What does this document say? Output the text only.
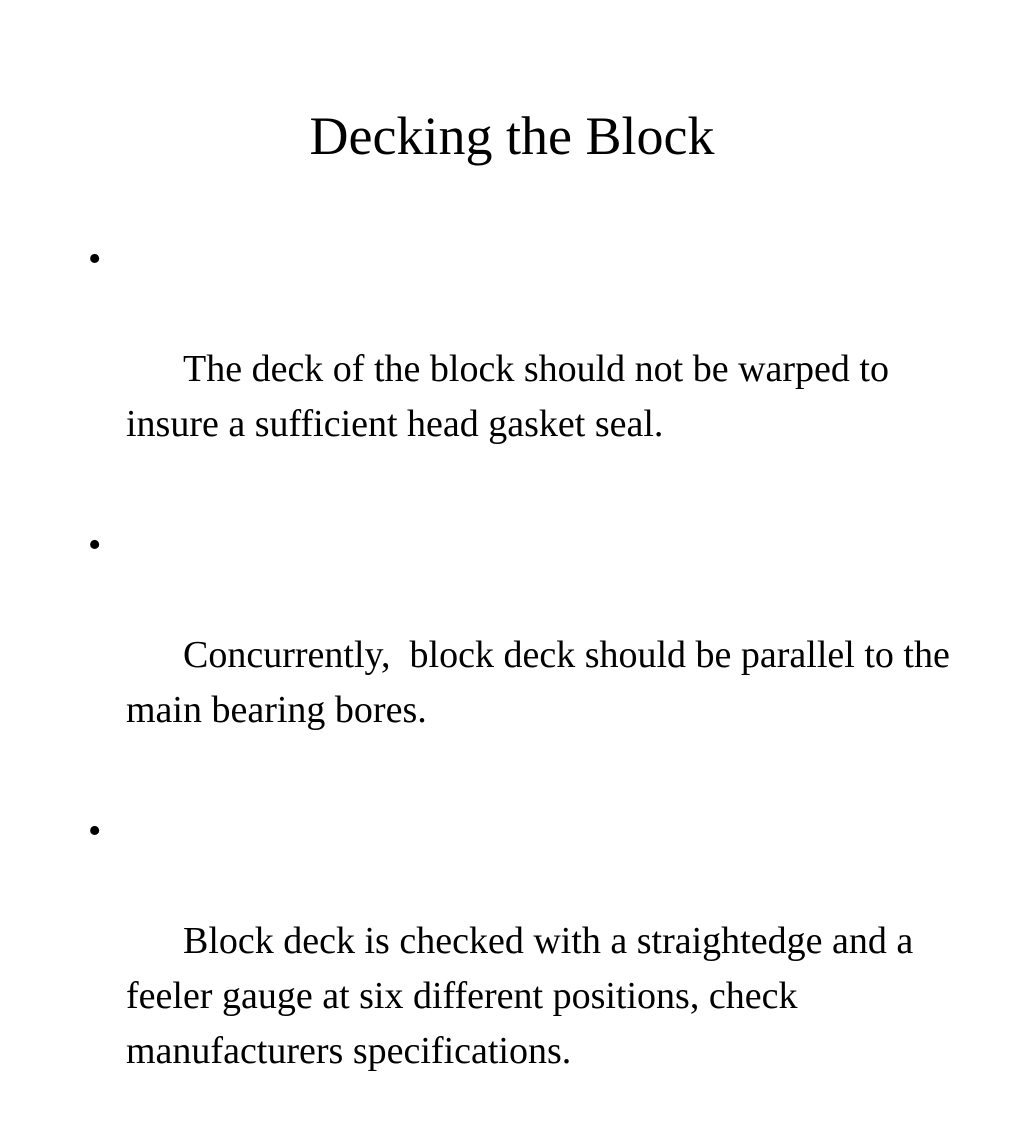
Decking the Block

•

The deck of the block should not be warped to insure a sufficient head gasket seal.

•

Concurrently,  block deck should be parallel to the main bearing bores.

•

Block deck is checked with a straightedge and a feeler gauge at six different positions, check manufacturers specifications.
